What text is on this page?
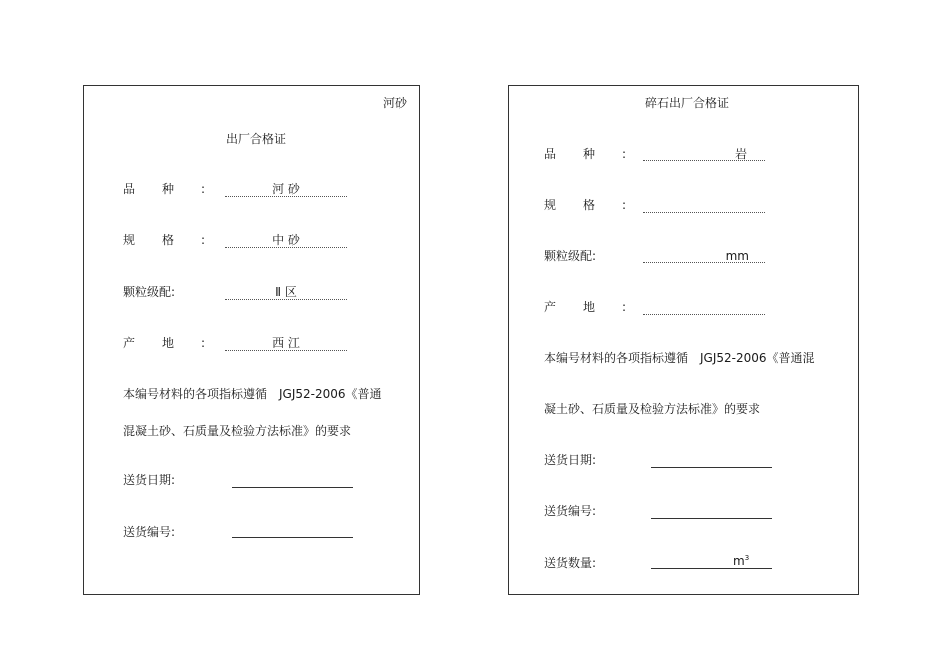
河砂
出厂合格证
品种:	河 砂
规格:	中 砂
颗粒级配:	Ⅱ 区
产地:	西 江
本编号材料的各项指标遵循　JGJ52-2006《普通
混凝土砂、石质量及检验方法标准》的要求
送货日期:
送货编号:
碎石出厂合格证
品种:	岩
规格:
颗粒级配:	mm
产地:
本编号材料的各项指标遵循　JGJ52-2006《普通混
凝土砂、石质量及检验方法标准》的要求
送货日期:
送货编号:
送货数量:	$m^3$
